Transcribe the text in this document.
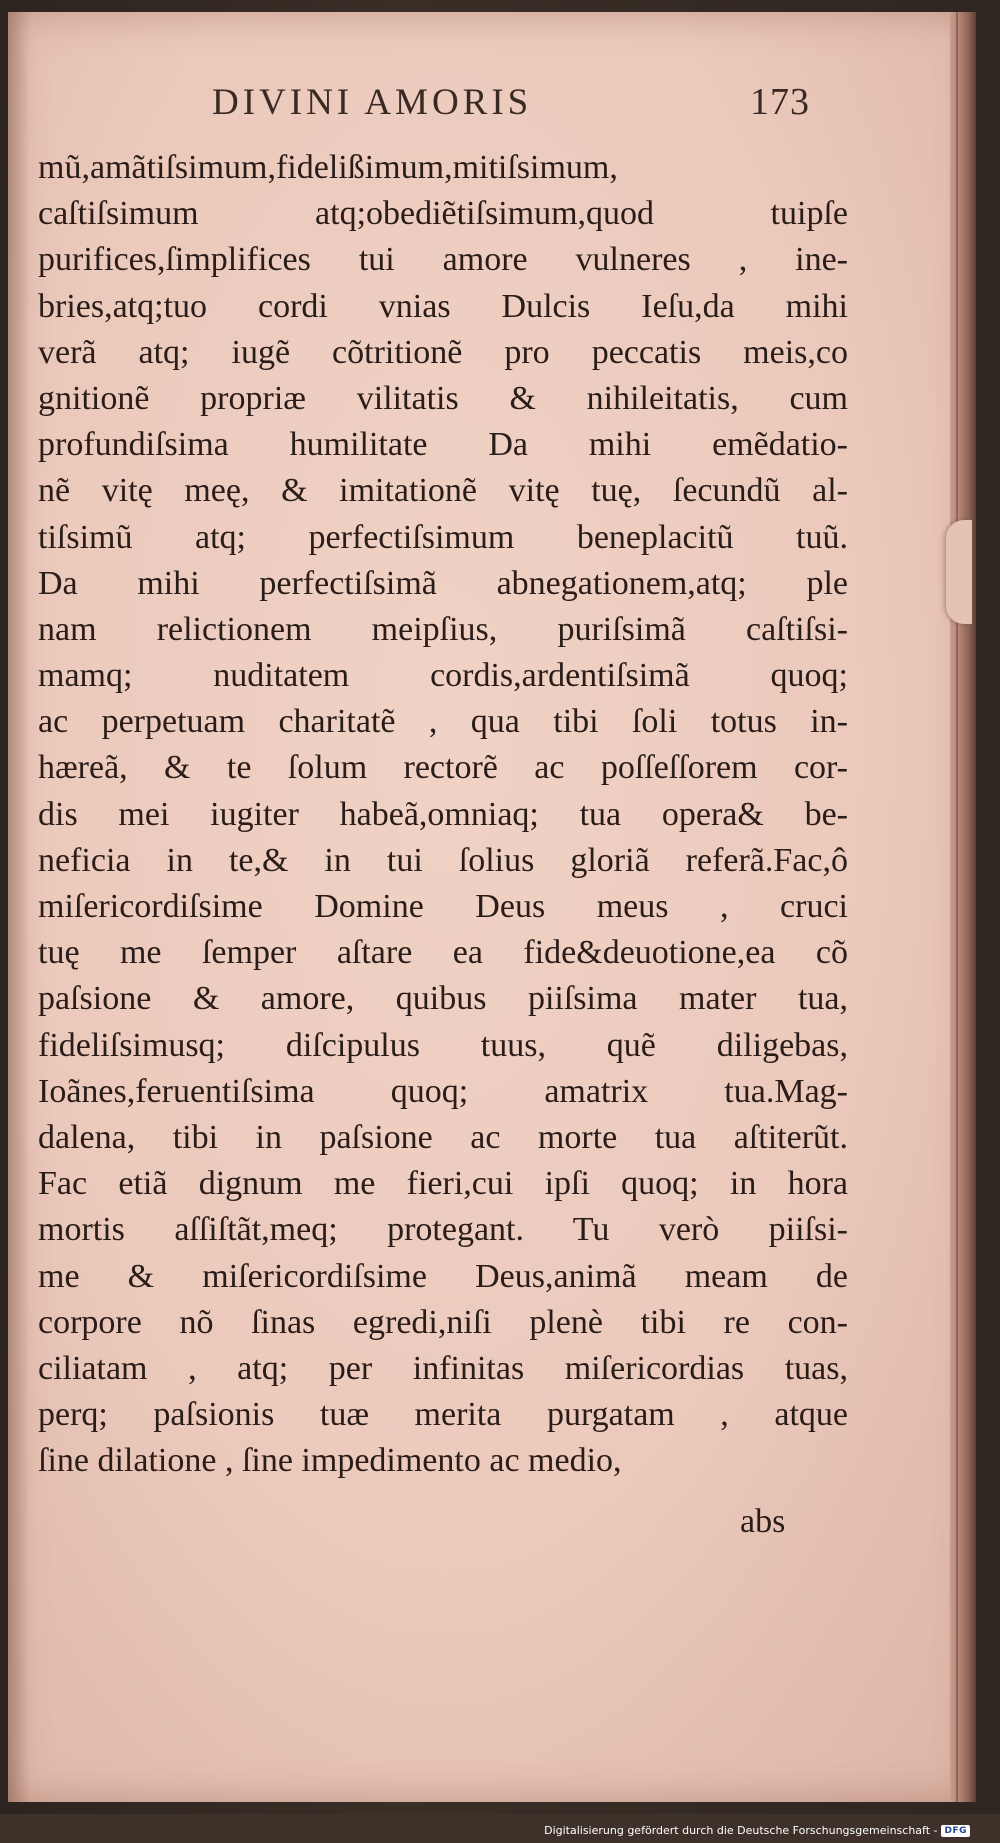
DIVINI AMORIS	173
mũ,amãtiſsimum,fidelißimum,mitiſsimum,
caſtiſsimum atq;obediẽtiſsimum,quod tuipſe
purifices,ſimplifices tui amore vulneres , ine-
bries,atq;tuo cordi vnias Dulcis Ieſu,da mihi
verã atq; iugẽ cõtritionẽ pro peccatis meis,co
gnitionẽ propriæ vilitatis & nihileitatis, cum
profundiſsima humilitate Da mihi emẽdatio-
nẽ vitę meę, & imitationẽ vitę tuę, ſecundũ al-
tiſsimũ atq; perfectiſsimum beneplacitũ tuũ.
Da mihi perfectiſsimã abnegationem,atq; ple
nam relictionem meipſius, puriſsimã caſtiſsi-
mamq; nuditatem cordis,ardentiſsimã quoq;
ac perpetuam charitatẽ , qua tibi ſoli totus in-
hæreã, & te ſolum rectorẽ ac poſſeſſorem cor-
dis mei iugiter habeã,omniaq; tua opera& be-
neficia in te,& in tui ſolius gloriã referã.Fac,ô
miſericordiſsime Domine Deus meus , cruci
tuę me ſemper aſtare ea fide&deuotione,ea cõ
paſsione & amore, quibus piiſsima mater tua,
fideliſsimusq; diſcipulus tuus, quẽ diligebas,
Ioãnes,feruentiſsima quoq; amatrix tua.Mag-
dalena, tibi in paſsione ac morte tua aſtiterũt.
Fac etiã dignum me fieri,cui ipſi quoq; in hora
mortis aſſiſtãt,meq; protegant. Tu verò piiſsi-
me & miſericordiſsime Deus,animã meam de
corpore nõ ſinas egredi,niſi plenè tibi re con-
ciliatam , atq; per infinitas miſericordias tuas,
perq; paſsionis tuæ merita purgatam , atque
ſine dilatione , ſine impedimento ac medio,
abs
Digitalisierung gefördert durch die Deutsche Forschungsgemeinschaft - DFG
